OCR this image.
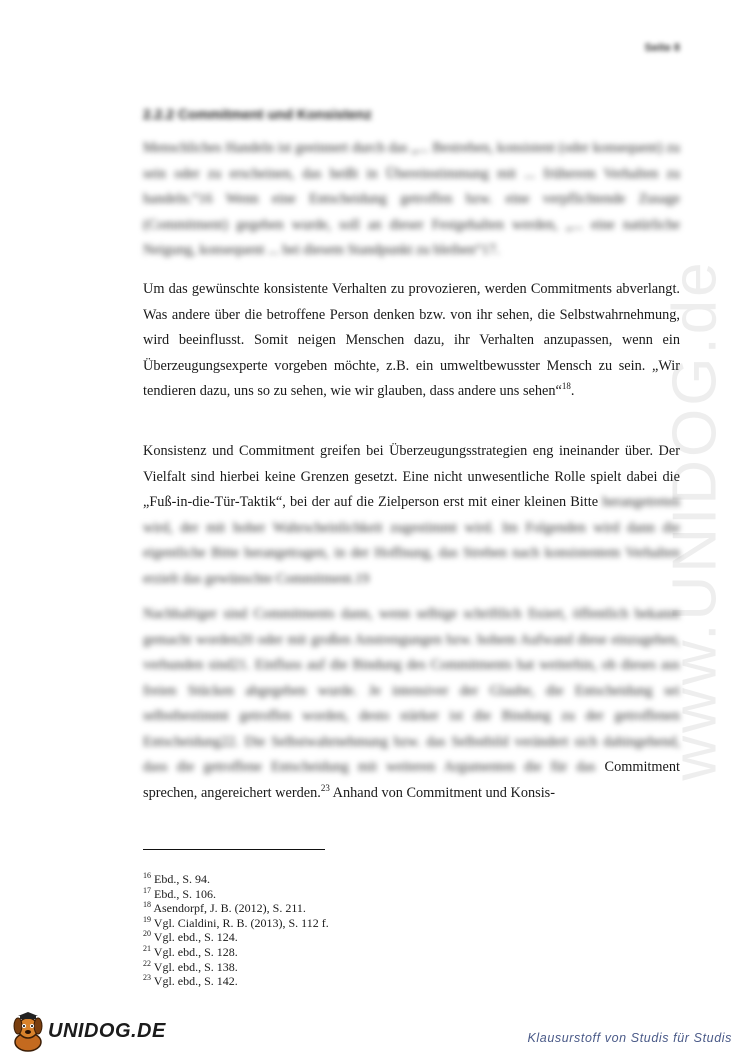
Seite 8
2.2.2 Commitment und Konsistenz

Menschliches Handeln ist geeinnert durch das „... Bestreben, konsistent (oder konsequent) zu sein oder zu erscheinen, das heißt in Übereinstimmung mit ... früherem Verhalten zu handeln.“16 Wenn eine Entscheidung getroffen bzw. eine verpflichtende Zusage (Commitment) gegeben wurde, soll an dieser Festgehalten werden, „... eine natürliche Neigung, konsequent ... bei diesem Standpunkt zu bleiben“17.

Um das gewünschte konsistente Verhalten zu provozieren, werden Commitments abverlangt. Was andere über die betroffene Person denken bzw. von ihr sehen, die Selbstwahrnehmung, wird beeinflusst. Somit neigen Menschen dazu, ihr Verhalten anzupassen, wenn ein Überzeugungsexperte vorgeben möchte, z.B. ein umweltbewusster Mensch zu sein. „Wir tendieren dazu, uns so zu sehen, wie wir glauben, dass andere uns sehen“$^{18}$.

Konsistenz und Commitment greifen bei Überzeugungsstrategien eng ineinander über. Der Vielfalt sind hierbei keine Grenzen gesetzt. Eine nicht unwesentliche Rolle spielt dabei die „Fuß-in-die-Tür-Taktik“, bei der auf die Zielperson erst mit einer kleinen Bitte herangetreten wird, der mit hoher Wahrscheinlichkeit zugestimmt wird. Im Folgenden wird dann die eigentliche Bitte herangetragen, in der Hoffnung, das Streben nach konsistentem Verhalten erzielt das gewünschte Commitment.19

Nachhaltiger sind Commitments dann, wenn selbige schriftlich fixiert, öffentlich bekannt gemacht worden20 oder mit großen Anstrengungen bzw. hohem Aufwand diese einzugehen, verbunden sind21. Einfluss auf die Bindung des Commitments hat weiterhin, ob dieses aus freien Stücken abgegeben wurde. Je intensiver der Glaube, die Entscheidung sei selbstbestimmt getroffen worden, desto stärker ist die Bindung zu der getroffenen Entscheidung22. Die Selbstwahrnehmung bzw. das Selbstbild verändert sich dahingehend, dass die getroffene Entscheidung mit weiteren Argumenten die für das Commitment sprechen, angereichert werden.$^{23}$ Anhand von Commitment und Konsis-

$^{16}$ Ebd., S. 94.
$^{17}$ Ebd., S. 106.
$^{18}$ Asendorpf, J. B. (2012), S. 211.
$^{19}$ Vgl. Cialdini, R. B. (2013), S. 112 f.
$^{20}$ Vgl. ebd., S. 124.
$^{21}$ Vgl. ebd., S. 128.
$^{22}$ Vgl. ebd., S. 138.
$^{23}$ Vgl. ebd., S. 142.
www.UNIDOG.de
UNIDOG.DE	Klausurstoff von Studis für Studis
